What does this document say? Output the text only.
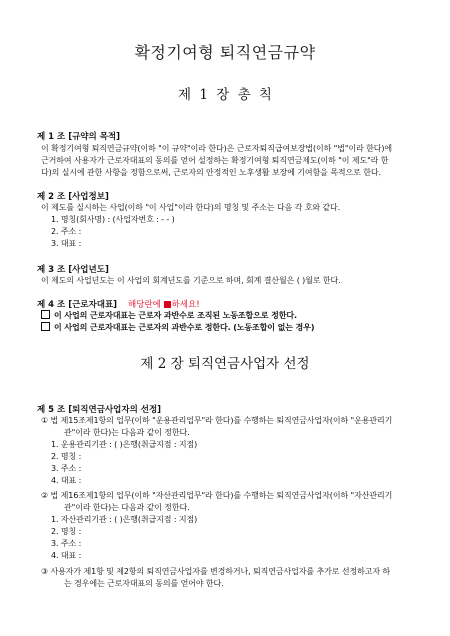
확정기여형 퇴직연금규약
제 1 장 총 칙
제 1 조 [규약의 목적]
이 확정기여형 퇴직연금규약(이하 "이 규약"이라 한다)은 근로자퇴직급여보장법(이하 "법"이라 한다)에
근거하여 사용자가 근로자대표의 동의를 얻어 설정하는 확정기여형 퇴직연금제도(이하 "이 제도"라 한
다)의 실시에 관한 사항을 정함으로써, 근로자의 안정적인 노후생활 보장에 기여함을 목적으로 한다.
제 2 조 [사업정보]
이 제도를 실시하는 사업(이하 "이 사업"이라 한다)의 명칭 및 주소는 다음 각 호와 같다.
1. 명칭(회사명) : (사업자번호 : - - )
2. 주소 :
3. 대표 :
제 3 조 [사업년도]
이 제도의 사업년도는 이 사업의 회계년도를 기준으로 하며, 회계 결산월은 ( )월로 한다.
제 4 조 [근로자대표] 해당란에 하세요!
이 사업의 근로자대표는 근로자 과반수로 조직된 노동조합으로 정한다.
이 사업의 근로자대표는 근로자의 과반수로 정한다. (노동조합이 없는 경우)
제 2 장 퇴직연금사업자 선정
제 5 조 [퇴직연금사업자의 선정]
① 법 제15조제1항의 업무(이하 "운용관리업무"라 한다)를 수행하는 퇴직연금사업자(이하 "운용관리기
관"이라 한다)는 다음과 같이 정한다.
1. 운용관리기관 : ( )은행(취급지점 : 지점)
2. 명칭 :
3. 주소 :
4. 대표 :
② 법 제16조제1항의 업무(이하 "자산관리업무"라 한다)를 수행하는 퇴직연금사업자(이하 "자산관리기
관"이라 한다)는 다음과 같이 정한다.
1. 자산관리기관 : ( )은행(취급지점 : 지점)
2. 명칭 :
3. 주소 :
4. 대표 :
③ 사용자가 제1항 및 제2항의 퇴직연금사업자를 변경하거나, 퇴직연금사업자를 추가로 선정하고자 하
는 경우에는 근로자대표의 동의를 얻어야 한다.
